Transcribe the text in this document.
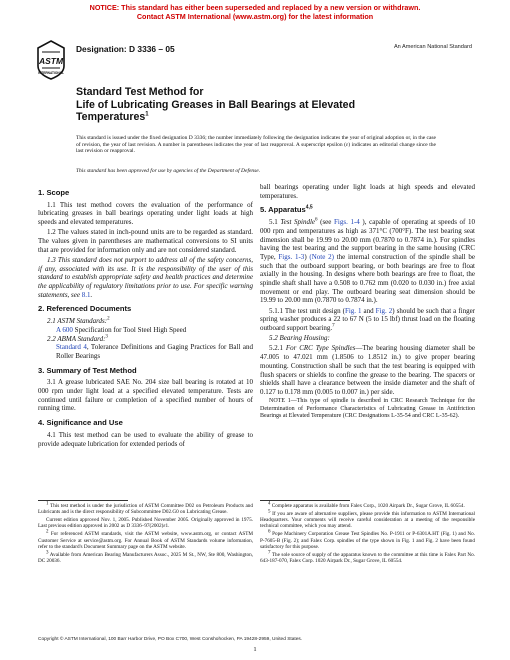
NOTICE: This standard has either been superseded and replaced by a new version or withdrawn.
Contact ASTM International (www.astm.org) for the latest information
ASTM
INTERNATIONAL
Designation: D 3336 – 05	An American National Standard
Standard Test Method for
Life of Lubricating Greases in Ball Bearings at Elevated
Temperatures$^1$
This standard is issued under the fixed designation D 3336; the number immediately following the designation indicates the year of original adoption or, in the case of revision, the year of last revision. A number in parentheses indicates the year of last reapproval. A superscript epsilon (ε) indicates an editorial change since the last revision or reapproval.
This standard has been approved for use by agencies of the Department of Defense.
1. Scope

1.1 This test method covers the evaluation of the performance of lubricating greases in ball bearings operating under light loads at high speeds and elevated temperatures.

1.2 The values stated in inch-pound units are to be regarded as standard. The values given in parentheses are mathematical conversions to SI units that are provided for information only and are not considered standard.

1.3 This standard does not purport to address all of the safety concerns, if any, associated with its use. It is the responsibility of the user of this standard to establish appropriate safety and health practices and determine the applicability of regulatory limitations prior to use. For specific warning statements, see 8.1.

2. Referenced Documents

2.1 ASTM Standards:$^2$

A 600 Specification for Tool Steel High Speed

2.2 ABMA Standard:$^3$

Standard 4, Tolerance Definitions and Gaging Practices for Ball and Roller Bearings

3. Summary of Test Method

3.1 A grease lubricated SAE No. 204 size ball bearing is rotated at 10 000 rpm under light load at a specified elevated temperature. Tests are continued until failure or completion of a specified number of hours of running time.

4. Significance and Use

4.1 This test method can be used to evaluate the ability of grease to provide adequate lubrication for extended periods of

ball bearings operating under light loads at high speeds and elevated temperatures.

5. Apparatus$^{4,5}$

5.1 Test Spindle$^6$ (see Figs. 1-4 ), capable of operating at speeds of 10 000 rpm and temperatures as high as 371°C (700°F). The test bearing seat dimension shall be 19.99 to 20.00 mm (0.7870 to 0.7874 in.). For spindles having the test bearing and the support bearing in the same housing (CRC Type, Figs. 1-3) (Note 2) the internal construction of the spindle shall be such that the outboard support bearing, or both bearings are free to float axially in the housing. In designs where both bearings are free to float, the spindle shaft shall have a 0.508 to 0.762 mm (0.020 to 0.030 in.) free axial movement or end play. The outboard bearing seat dimension should be 19.99 to 20.00 mm (0.7870 to 0.7874 in.).

5.1.1 The test unit design (Fig. 1 and Fig. 2) should be such that a finger spring washer produces a 22 to 67 N (5 to 15 lbf) thrust load on the floating outboard support bearing.$^7$

5.2 Bearing Housing:

5.2.1 For CRC Type Spindles—The bearing housing diameter shall be 47.005 to 47.021 mm (1.8506 to 1.8512 in.) to give proper bearing mounting. Construction shall be such that the test bearing is equipped with flush spacers or shields to confine the grease to the bearing. The spacers or shields shall have a clearance between the inside diameter and the shaft of 0.127 to 0.178 mm (0.005 to 0.007 in.) per side.

NOTE 1—This type of spindle is described in CRC Research Technique for the Determination of Performance Characteristics of Lubricating Grease in Antifriction Bearings at Elevated Temperature (CRC Designations L-35-54 and CRC L-35-62).

$^1$ This test method is under the jurisdiction of ASTM Committee D02 on Petroleum Products and Lubricants and is the direct responsibility of Subcommittee D02.G0 on Lubricating Grease.

Current edition approved Nov. 1, 2005. Published November 2005. Originally approved in 1975. Last previous edition approved in 2002 as D 3336–97(2002)ε1.

$^2$ For referenced ASTM standards, visit the ASTM website, www.astm.org, or contact ASTM Customer Service at service@astm.org. For Annual Book of ASTM Standards volume information, refer to the standard's Document Summary page on the ASTM website.

$^3$ Available from American Bearing Manufacturers Assoc., 2025 M St., NW, Ste 800, Washington, DC 20036.

$^4$ Complete apparatus is available from Falex Corp., 1020 Airpark Dr., Sugar Grove, IL 60554.

$^5$ If you are aware of alternative suppliers, please provide this information to ASTM International Headquarters. Your comments will receive careful consideration at a meeting of the responsible technical committee, which you may attend.

$^6$ Pope Machinery Corporation Grease Test Spindles No. P-1911 or P-6301A.HT (Fig. 1) and No. P-7605-B (Fig. 2); and Falex Corp. spindles of the type shown in Fig. 1 and Fig. 2 have been found satisfactory for this purpose.

$^7$ The sole source of supply of the apparatus known to the committee at this time is Falex Part No. 643-187-070, Falex Corp. 1020 Airpark Dr., Sugar Grove, IL 60554.

Copyright © ASTM International, 100 Barr Harbor Drive, PO Box C700, West Conshohocken, PA 19428-2959, United States.
1
